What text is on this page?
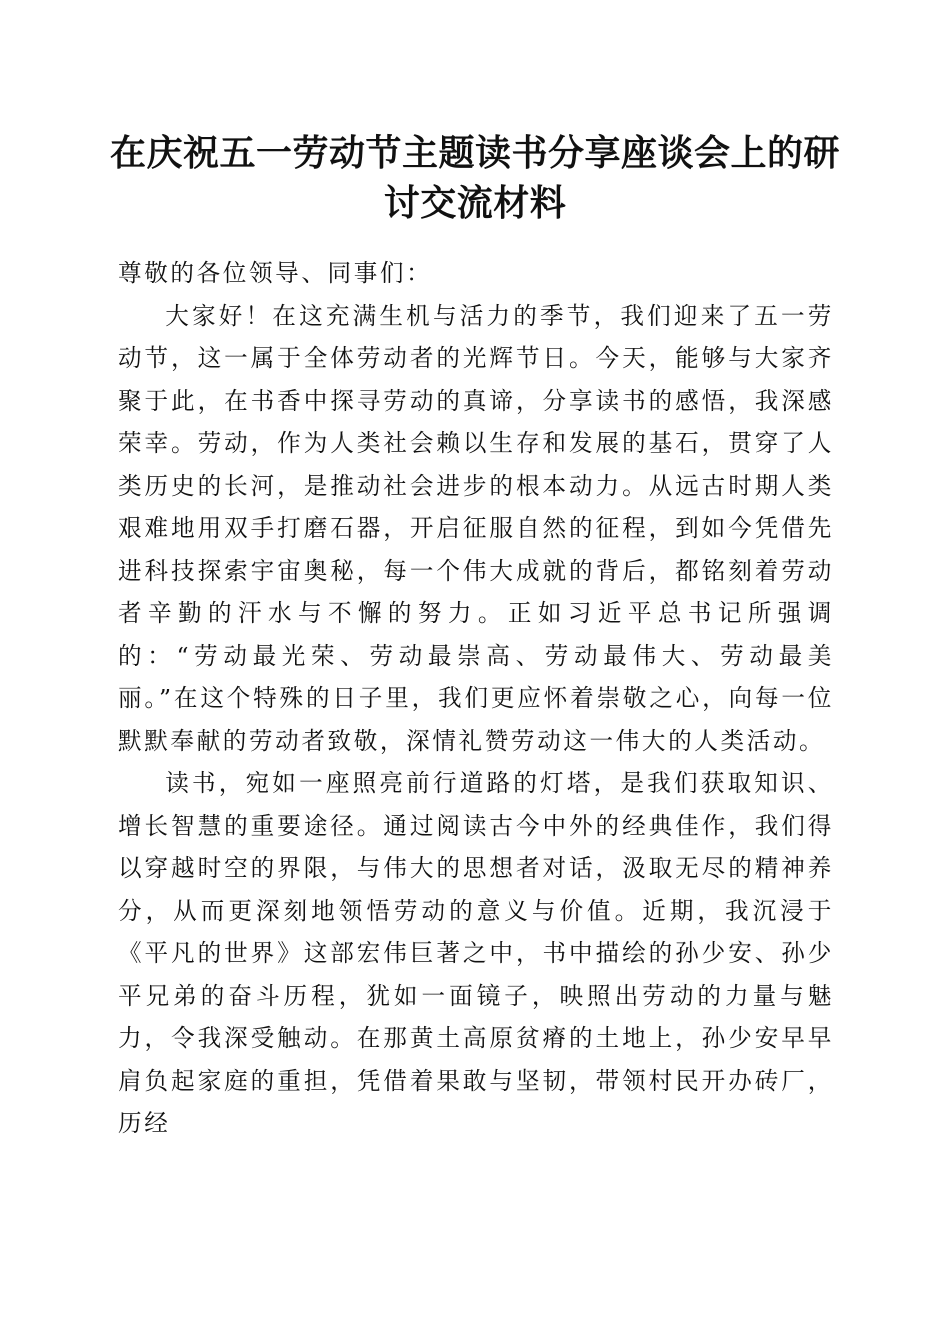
在庆祝五一劳动节主题读书分享座谈会上的研讨交流材料

尊敬的各位领导、同事们：

大家好！在这充满生机与活力的季节，我们迎来了五一劳动节，这一属于全体劳动者的光辉节日。今天，能够与大家齐聚于此，在书香中探寻劳动的真谛，分享读书的感悟，我深感荣幸。劳动，作为人类社会赖以生存和发展的基石，贯穿了人类历史的长河，是推动社会进步的根本动力。从远古时期人类艰难地用双手打磨石器，开启征服自然的征程，到如今凭借先进科技探索宇宙奥秘，每一个伟大成就的背后，都铭刻着劳动者辛勤的汗水与不懈的努力。正如习近平总书记所强调的：“劳动最光荣、劳动最崇高、劳动最伟大、劳动最美丽。”在这个特殊的日子里，我们更应怀着崇敬之心，向每一位默默奉献的劳动者致敬，深情礼赞劳动这一伟大的人类活动。

读书，宛如一座照亮前行道路的灯塔，是我们获取知识、增长智慧的重要途径。通过阅读古今中外的经典佳作，我们得以穿越时空的界限，与伟大的思想者对话，汲取无尽的精神养分，从而更深刻地领悟劳动的意义与价值。近期，我沉浸于《平凡的世界》这部宏伟巨著之中，书中描绘的孙少安、孙少平兄弟的奋斗历程，犹如一面镜子，映照出劳动的力量与魅力，令我深受触动。在那黄土高原贫瘠的土地上，孙少安早早肩负起家庭的重担，凭借着果敢与坚韧，带领村民开办砖厂，历经
